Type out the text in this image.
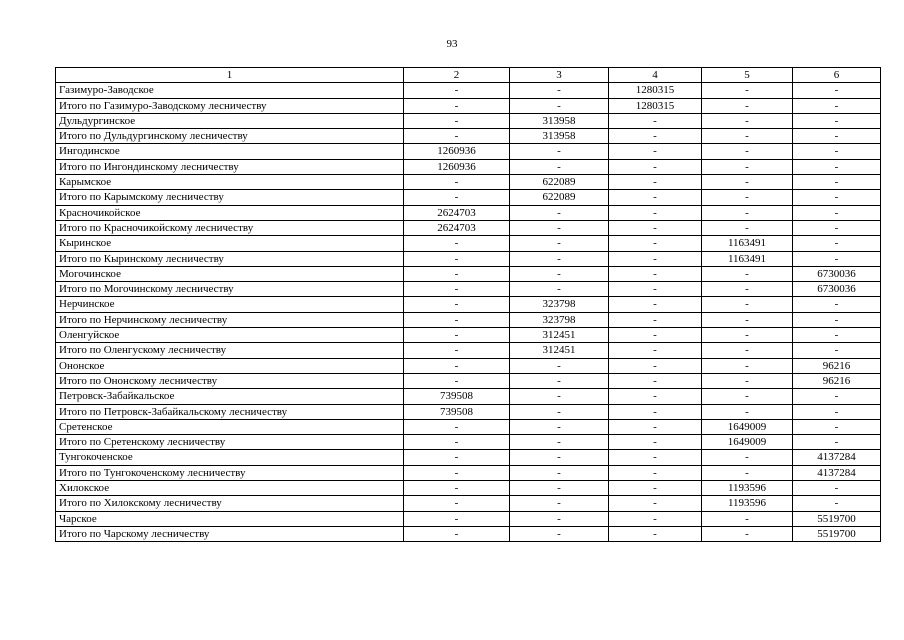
93
1	2	3	4	5	6
Газимуро-Заводское	-	-	1280315	-	-
Итого по Газимуро-Заводскому лесничеству	-	-	1280315	-	-
Дульдургинское	-	313958	-	-	-
Итого по Дульдургинскому лесничеству	-	313958	-	-	-
Ингодинское	1260936	-	-	-	-
Итого по Ингондинскому лесничеству	1260936	-	-	-	-
Карымское	-	622089	-	-	-
Итого по Карымскому лесничеству	-	622089	-	-	-
Красночикойское	2624703	-	-	-	-
Итого по Красночикойскому лесничеству	2624703	-	-	-	-
Кыринское	-	-	-	1163491	-
Итого по Кыринскому лесничеству	-	-	-	1163491	-
Могочинское	-	-	-	-	6730036
Итого по Могочинскому лесничеству	-	-	-	-	6730036
Нерчинское	-	323798	-	-	-
Итого по Нерчинскому лесничеству	-	323798	-	-	-
Оленгуйское	-	312451	-	-	-
Итого по Оленгускому лесничеству	-	312451	-	-	-
Ононское	-	-	-	-	96216
Итого по Ононскому лесничеству	-	-	-	-	96216
Петровск-Забайкальское	739508	-	-	-	-
Итого по Петровск-Забайкальскому лесничеству	739508	-	-	-	-
Сретенское	-	-	-	1649009	-
Итого по Сретенскому лесничеству	-	-	-	1649009	-
Тунгокоченское	-	-	-	-	4137284
Итого по Тунгокоченскому лесничеству	-	-	-	-	4137284
Хилокское	-	-	-	1193596	-
Итого по Хилокскому лесничеству	-	-	-	1193596	-
Чарское	-	-	-	-	5519700
Итого по Чарскому лесничеству	-	-	-	-	5519700
